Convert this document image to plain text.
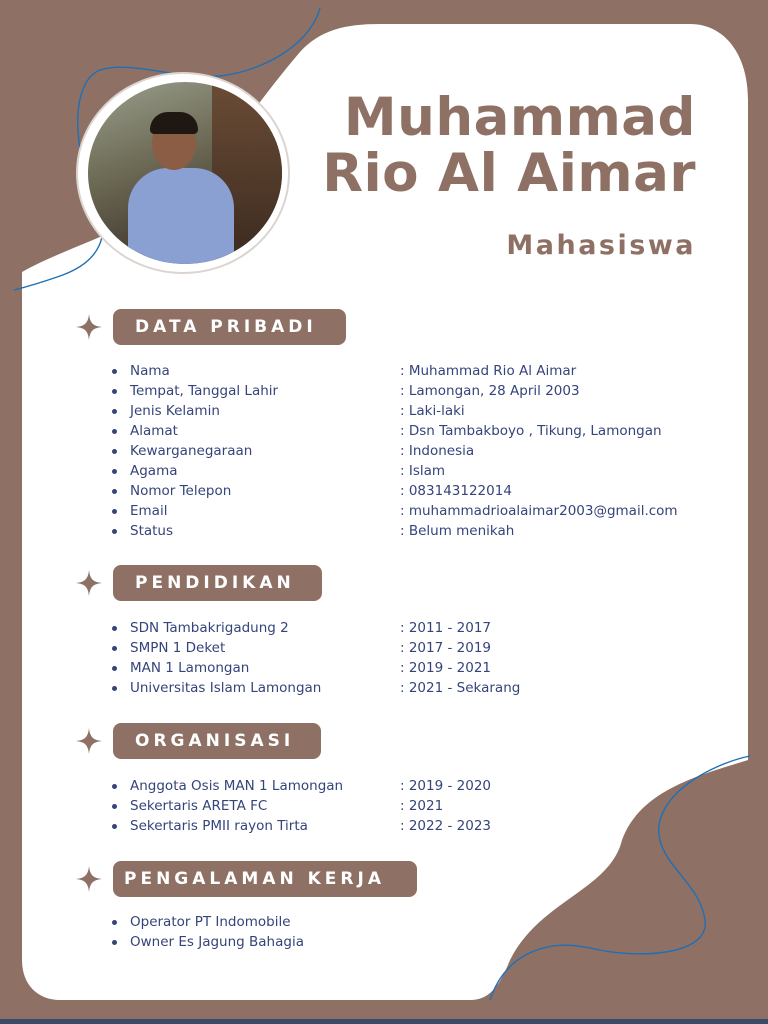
Muhammad
Rio Al Aimar
Mahasiswa
DATA PRIBADI
Nama	: Muhammad Rio Al Aimar
Tempat, Tanggal Lahir	: Lamongan, 28 April 2003
Jenis Kelamin	: Laki-laki
Alamat	: Dsn Tambakboyo , Tikung, Lamongan
Kewarganegaraan	: Indonesia
Agama	: Islam
Nomor Telepon	: 083143122014
Email	: muhammadrioalaimar2003@gmail.com
Status	: Belum menikah
PENDIDIKAN
SDN Tambakrigadung 2	: 2011 - 2017
SMPN 1 Deket	: 2017 - 2019
MAN 1 Lamongan	: 2019 - 2021
Universitas Islam Lamongan	: 2021 - Sekarang
ORGANISASI
Anggota Osis MAN 1 Lamongan	: 2019 - 2020
Sekertaris ARETA FC	: 2021
Sekertaris PMII rayon Tirta	: 2022 - 2023
PENGALAMAN KERJA
Operator PT Indomobile
Owner Es Jagung Bahagia
